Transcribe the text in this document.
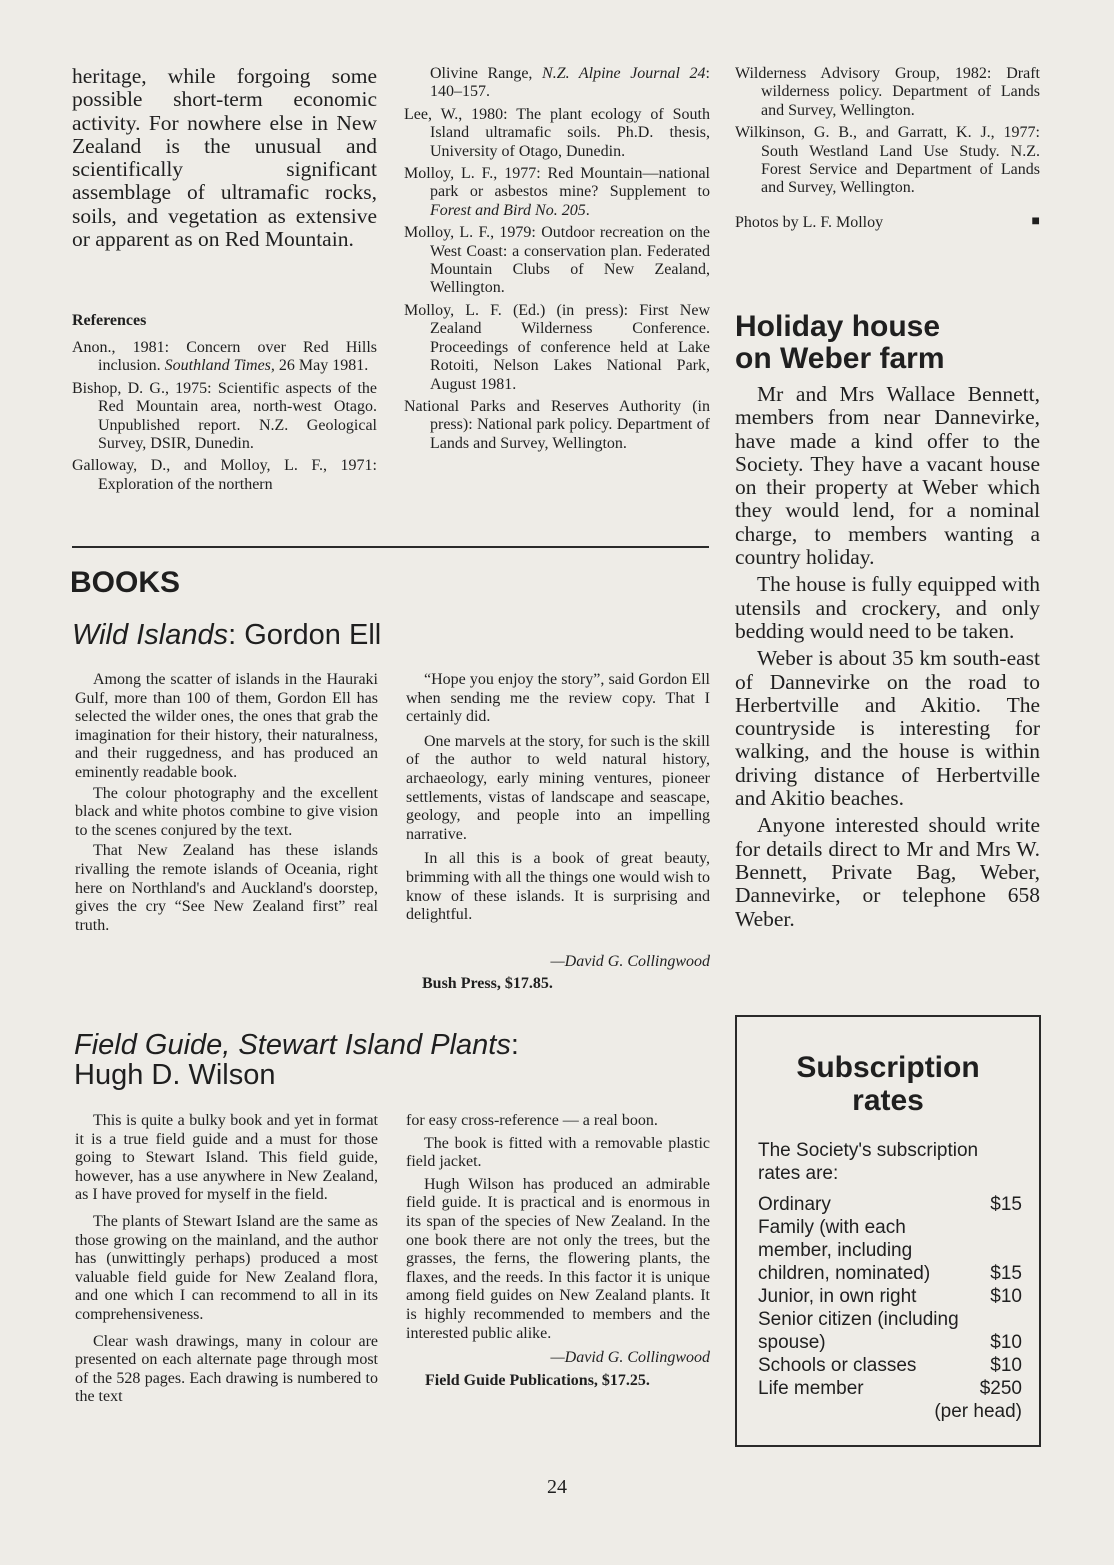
heritage, while forgoing some possible short-term economic activity. For nowhere else in New Zealand is the unusual and scientifically significant assemblage of ultramafic rocks, soils, and vegetation as extensive or apparent as on Red Mountain.

References

Anon., 1981: Concern over Red Hills inclusion. Southland Times, 26 May 1981.

Bishop, D. G., 1975: Scientific aspects of the Red Mountain area, north-west Otago. Unpublished report. N.Z. Geological Survey, DSIR, Dunedin.

Galloway, D., and Molloy, L. F., 1971: Exploration of the northern

Olivine Range, N.Z. Alpine Journal 24: 140–157.

Lee, W., 1980: The plant ecology of South Island ultramafic soils. Ph.D. thesis, University of Otago, Dunedin.

Molloy, L. F., 1977: Red Mountain—national park or asbestos mine? Supplement to Forest and Bird No. 205.

Molloy, L. F., 1979: Outdoor recreation on the West Coast: a conservation plan. Federated Mountain Clubs of New Zealand, Wellington.

Molloy, L. F. (Ed.) (in press): First New Zealand Wilderness Conference. Proceedings of conference held at Lake Rotoiti, Nelson Lakes National Park, August 1981.

National Parks and Reserves Authority (in press): National park policy. Department of Lands and Survey, Wellington.

Wilderness Advisory Group, 1982: Draft wilderness policy. Department of Lands and Survey, Wellington.

Wilkinson, G. B., and Garratt, K. J., 1977: South Westland Land Use Study. N.Z. Forest Service and Department of Lands and Survey, Wellington.

Photos by L. F. Molloy	■
BOOKS
Wild Islands: Gordon Ell

Among the scatter of islands in the Hauraki Gulf, more than 100 of them, Gordon Ell has selected the wilder ones, the ones that grab the imagination for their history, their naturalness, and their ruggedness, and has produced an eminently readable book.

The colour photography and the excellent black and white photos combine to give vision to the scenes conjured by the text.

That New Zealand has these islands rivalling the remote islands of Oceania, right here on Northland's and Auckland's doorstep, gives the cry “See New Zealand first” real truth.

“Hope you enjoy the story”, said Gordon Ell when sending me the review copy. That I certainly did.

One marvels at the story, for such is the skill of the author to weld natural history, archaeology, early mining ventures, pioneer settlements, vistas of landscape and seascape, geology, and people into an impelling narrative.

In all this is a book of great beauty, brimming with all the things one would wish to know of these islands. It is surprising and delightful.

—David G. Collingwood

Bush Press, $17.85.

Field Guide, Stewart Island Plants:
Hugh D. Wilson

This is quite a bulky book and yet in format it is a true field guide and a must for those going to Stewart Island. This field guide, however, has a use anywhere in New Zealand, as I have proved for myself in the field.

The plants of Stewart Island are the same as those growing on the mainland, and the author has (unwittingly perhaps) produced a most valuable field guide for New Zealand flora, and one which I can recommend to all in its comprehensiveness.

Clear wash drawings, many in colour are presented on each alternate page through most of the 528 pages. Each drawing is numbered to the text

for easy cross-reference — a real boon.

The book is fitted with a removable plastic field jacket.

Hugh Wilson has produced an admirable field guide. It is practical and is enormous in its span of the species of New Zealand. In the one book there are not only the trees, but the grasses, the ferns, the flowering plants, the flaxes, and the reeds. In this factor it is unique among field guides on New Zealand plants. It is highly recommended to members and the interested public alike.

—David G. Collingwood

Field Guide Publications, $17.25.

Holiday house
on Weber farm

Mr and Mrs Wallace Bennett, members from near Dannevirke, have made a kind offer to the Society. They have a vacant house on their property at Weber which they would lend, for a nominal charge, to members wanting a country holiday.

The house is fully equipped with utensils and crockery, and only bedding would need to be taken.

Weber is about 35 km south-east of Dannevirke on the road to Herbertville and Akitio. The countryside is interesting for walking, and the house is within driving distance of Herbertville and Akitio beaches.

Anyone interested should write for details direct to Mr and Mrs W. Bennett, Private Bag, Weber, Dannevirke, or telephone 658 Weber.

Subscription
rates

The Society's subscription rates are:

Ordinary	$15
Family (with each
member, including
children, nominated)	$15
Junior, in own right	$10
Senior citizen (including
spouse)	$10
Schools or classes	$10
Life member	$250
(per head)
24
